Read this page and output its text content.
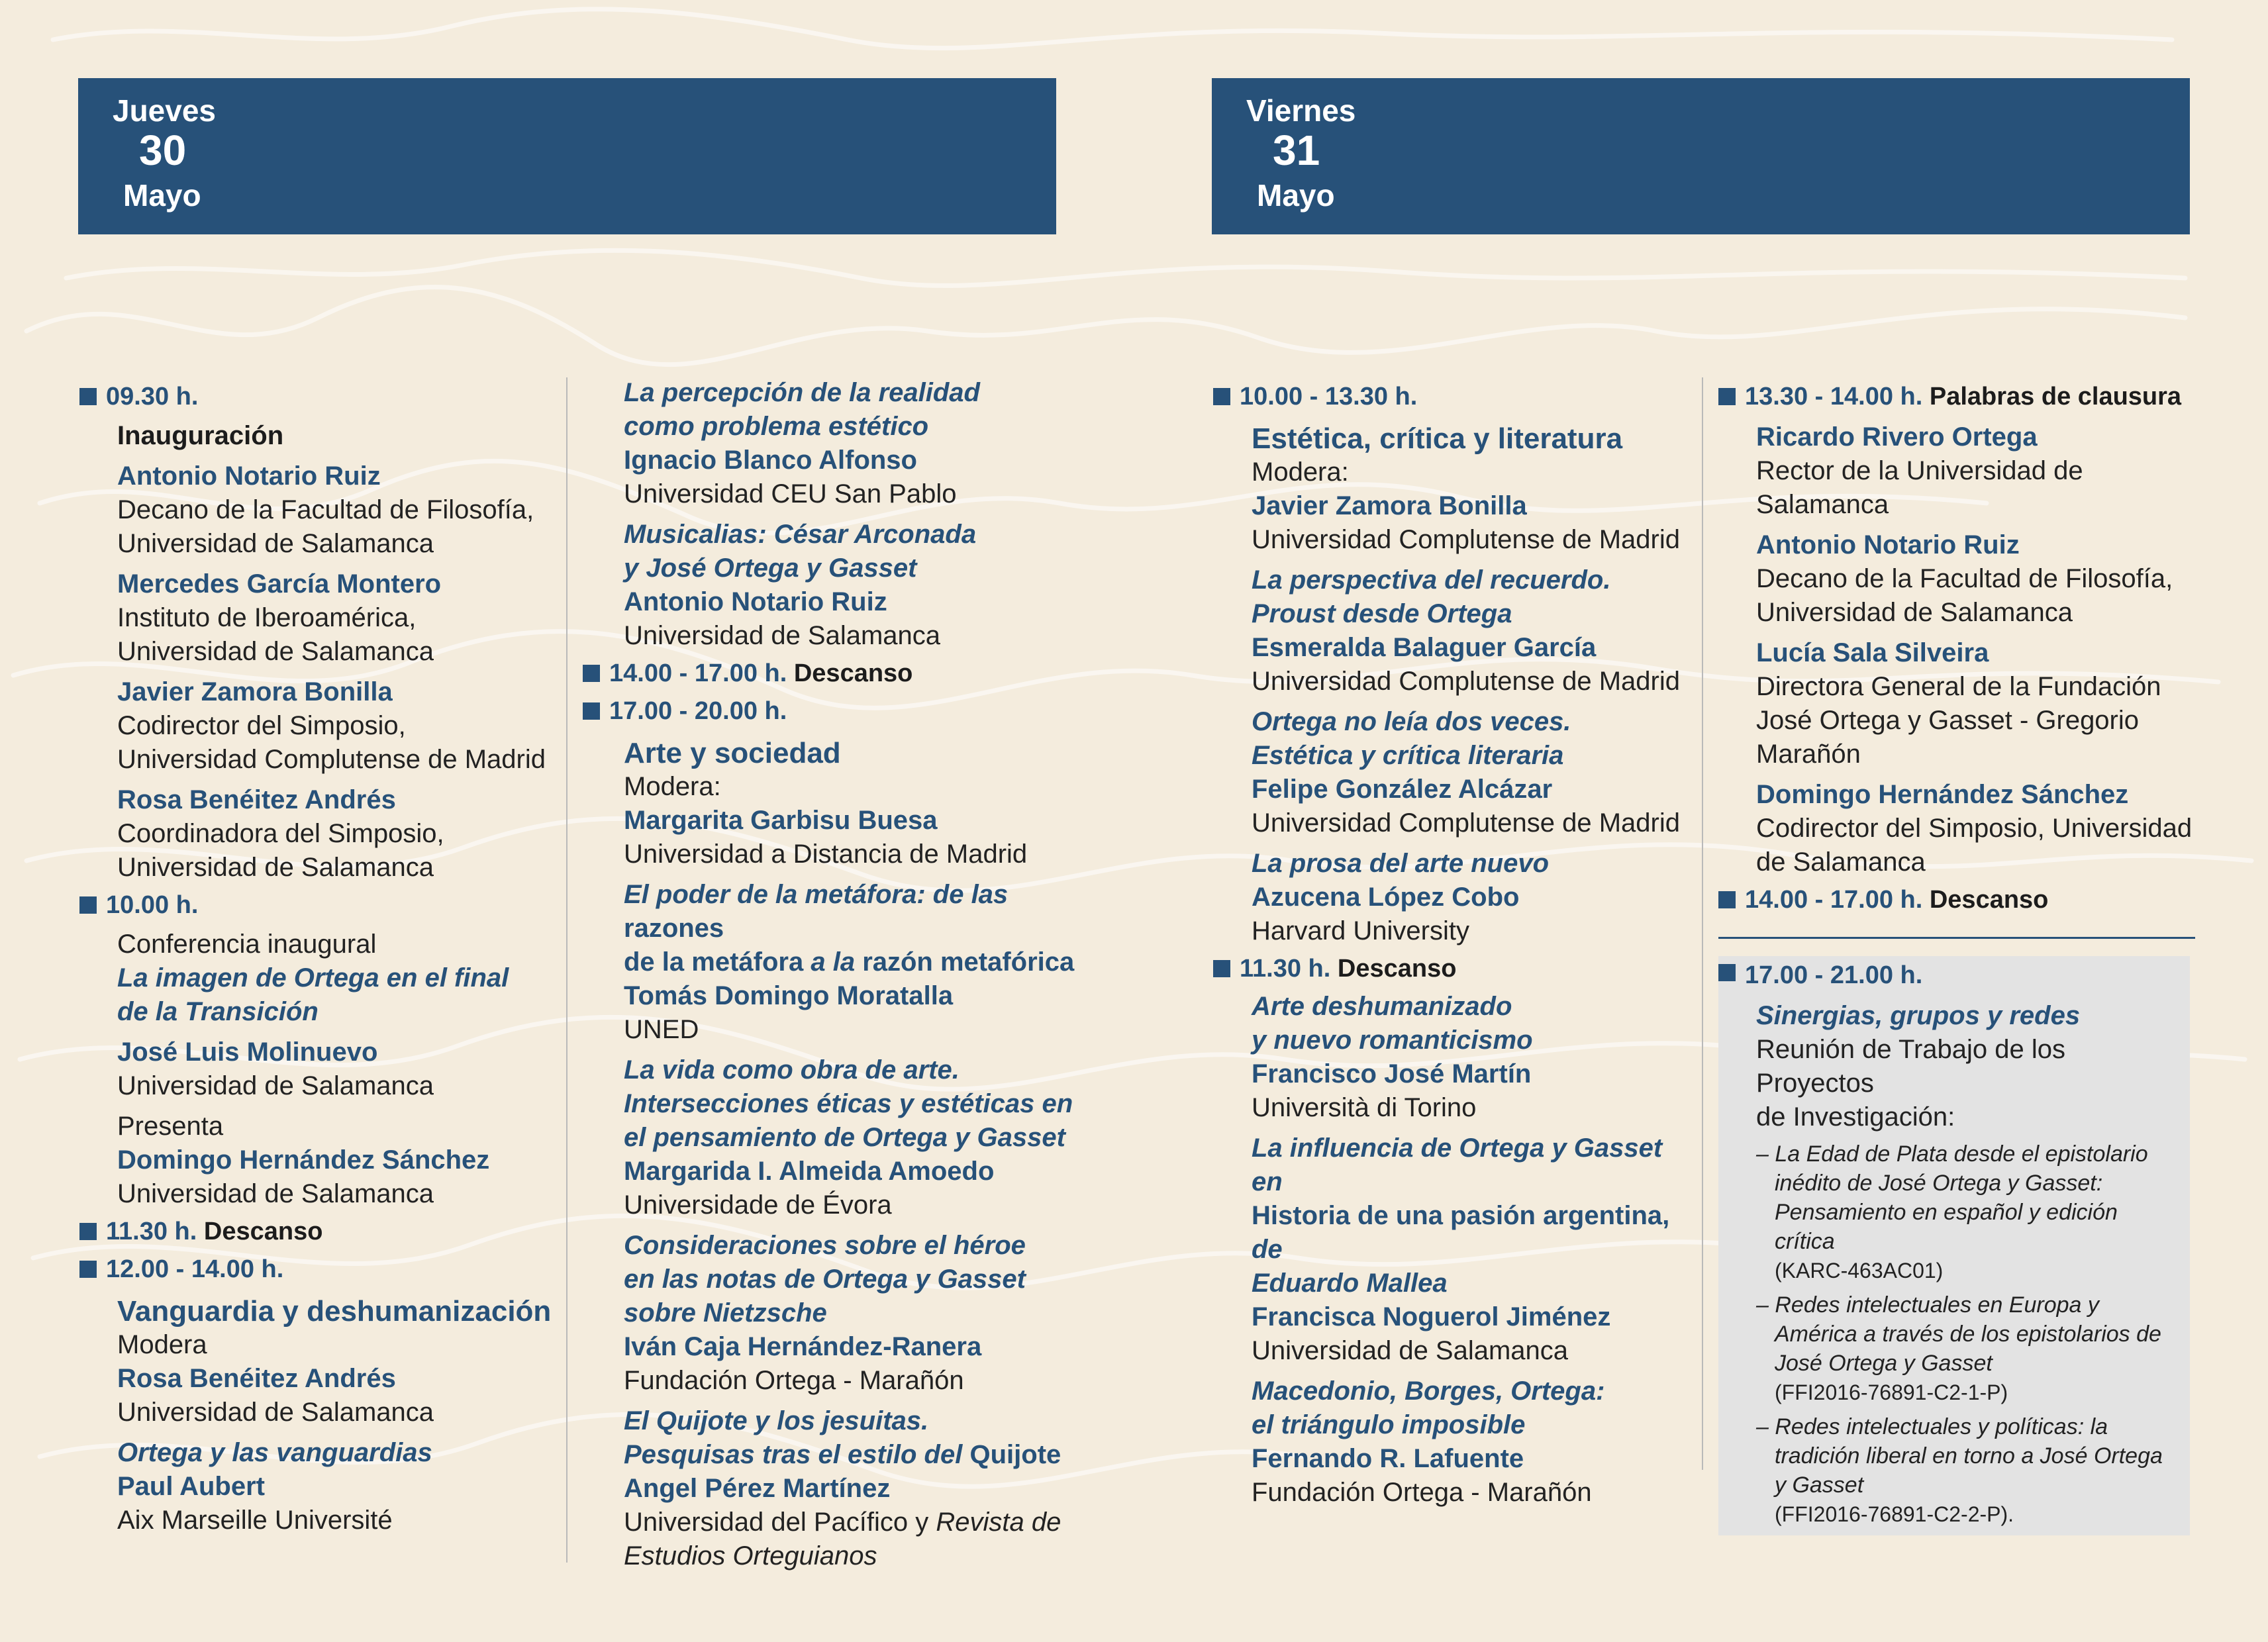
Jueves
30
Mayo
Viernes
31
Mayo
09.30 h.
Inauguración
Antonio Notario Ruiz
Decano de la Facultad de Filosofía,
Universidad de Salamanca
Mercedes García Montero
Instituto de Iberoamérica,
Universidad de Salamanca
Javier Zamora Bonilla
Codirector del Simposio,
Universidad Complutense de Madrid
Rosa Benéitez Andrés
Coordinadora del Simposio,
Universidad de Salamanca
10.00 h.
Conferencia inaugural
La imagen de Ortega en el final
de la Transición
José Luis Molinuevo
Universidad de Salamanca
Presenta
Domingo Hernández Sánchez
Universidad de Salamanca
11.30 h. Descanso
12.00 - 14.00 h.
Vanguardia y deshumanización
Modera
Rosa Benéitez Andrés
Universidad de Salamanca
Ortega y las vanguardias
Paul Aubert
Aix Marseille Université
La percepción de la realidad
como problema estético
Ignacio Blanco Alfonso
Universidad CEU San Pablo
Musicalias: César Arconada
y José Ortega y Gasset
Antonio Notario Ruiz
Universidad de Salamanca
14.00 - 17.00 h. Descanso
17.00 - 20.00 h.
Arte y sociedad
Modera:
Margarita Garbisu Buesa
Universidad a Distancia de Madrid
El poder de la metáfora: de las razones
de la metáfora a la razón metafórica
Tomás Domingo Moratalla
UNED
La vida como obra de arte.
Intersecciones éticas y estéticas en
el pensamiento de Ortega y Gasset
Margarida I. Almeida Amoedo
Universidade de Évora
Consideraciones sobre el héroe
en las notas de Ortega y Gasset
sobre Nietzsche
Iván Caja Hernández-Ranera
Fundación Ortega - Marañón
El Quijote y los jesuitas.
Pesquisas tras el estilo del Quijote
Angel Pérez Martínez
Universidad del Pacífico y Revista de
Estudios Orteguianos
10.00 - 13.30 h.
Estética, crítica y literatura
Modera:
Javier Zamora Bonilla
Universidad Complutense de Madrid
La perspectiva del recuerdo.
Proust desde Ortega
Esmeralda Balaguer García
Universidad Complutense de Madrid
Ortega no leía dos veces.
Estética y crítica literaria
Felipe González Alcázar
Universidad Complutense de Madrid
La prosa del arte nuevo
Azucena López Cobo
Harvard University
11.30 h. Descanso
Arte deshumanizado
y nuevo romanticismo
Francisco José Martín
Università di Torino
La influencia de Ortega y Gasset en
Historia de una pasión argentina, de
Eduardo Mallea
Francisca Noguerol Jiménez
Universidad de Salamanca
Macedonio, Borges, Ortega:
el triángulo imposible
Fernando R. Lafuente
Fundación Ortega - Marañón
13.30 - 14.00 h. Palabras de clausura
Ricardo Rivero Ortega
Rector de la Universidad de Salamanca
Antonio Notario Ruiz
Decano de la Facultad de Filosofía,
Universidad de Salamanca
Lucía Sala Silveira
Directora General de la Fundación
José Ortega y Gasset - Gregorio Marañón
Domingo Hernández Sánchez
Codirector del Simposio, Universidad
de Salamanca
14.00 - 17.00 h. Descanso
17.00 - 21.00 h.
Sinergias, grupos y redes
Reunión de Trabajo de los Proyectos
de Investigación:
– La Edad de Plata desde el epistolario
inédito de José Ortega y Gasset:
Pensamiento en español y edición
crítica
(KARC-463AC01)
– Redes intelectuales en Europa y
América a través de los epistolarios de
José Ortega y Gasset
(FFI2016-76891-C2-1-P)
– Redes intelectuales y políticas: la
tradición liberal en torno a José Ortega
y Gasset
(FFI2016-76891-C2-2-P).
